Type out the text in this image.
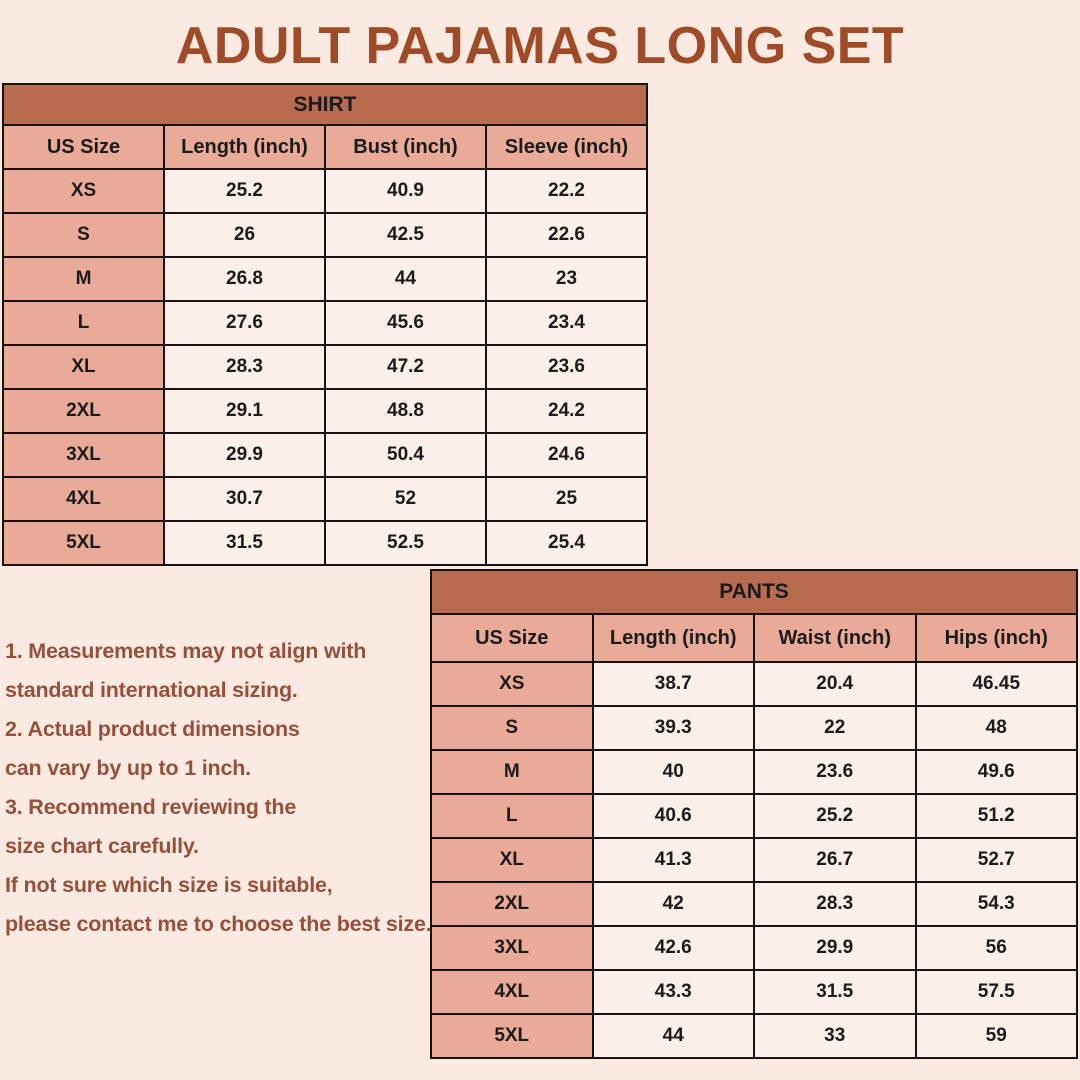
ADULT PAJAMAS LONG SET
SHIRT			
US Size	Length (inch)	Bust (inch)	Sleeve (inch)
XS	25.2	40.9	22.2
S	26	42.5	22.6
M	26.8	44	23
L	27.6	45.6	23.4
XL	28.3	47.2	23.6
2XL	29.1	48.8	24.2
3XL	29.9	50.4	24.6
4XL	30.7	52	25
5XL	31.5	52.5	25.4
PANTS			
US Size	Length (inch)	Waist (inch)	Hips (inch)
XS	38.7	20.4	46.45
S	39.3	22	48
M	40	23.6	49.6
L	40.6	25.2	51.2
XL	41.3	26.7	52.7
2XL	42	28.3	54.3
3XL	42.6	29.9	56
4XL	43.3	31.5	57.5
5XL	44	33	59
1. Measurements may not align with
standard international sizing.
2. Actual product dimensions
can vary by up to 1 inch.
3. Recommend reviewing the
size chart carefully.
If not sure which size is suitable,
please contact me to choose the best size.
